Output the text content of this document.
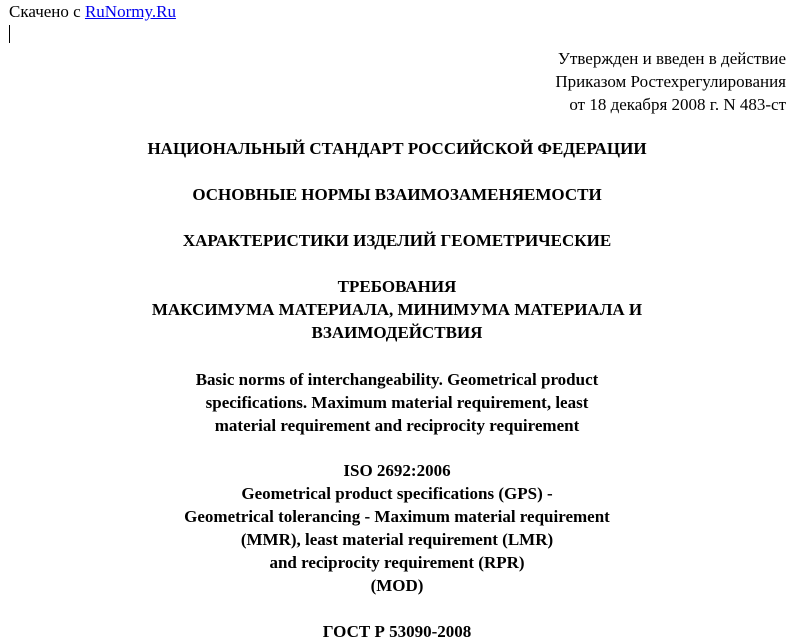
Скачено с RuNormy.Ru
Утвержден и введен в действие
Приказом Ростехрегулирования
от 18 декабря 2008 г. N 483-ст
НАЦИОНАЛЬНЫЙ СТАНДАРТ РОССИЙСКОЙ ФЕДЕРАЦИИ
ОСНОВНЫЕ НОРМЫ ВЗАИМОЗАМЕНЯЕМОСТИ
ХАРАКТЕРИСТИКИ ИЗДЕЛИЙ ГЕОМЕТРИЧЕСКИЕ
ТРЕБОВАНИЯ
МАКСИМУМА МАТЕРИАЛА, МИНИМУМА МАТЕРИАЛА И
ВЗАИМОДЕЙСТВИЯ
Basic norms of interchangeability. Geometrical product
specifications. Maximum material requirement, least
material requirement and reciprocity requirement
ISO 2692:2006
Geometrical product specifications (GPS) -
Geometrical tolerancing - Maximum material requirement
(MMR), least material requirement (LMR)
and reciprocity requirement (RPR)
(MOD)
ГОСТ Р 53090-2008
